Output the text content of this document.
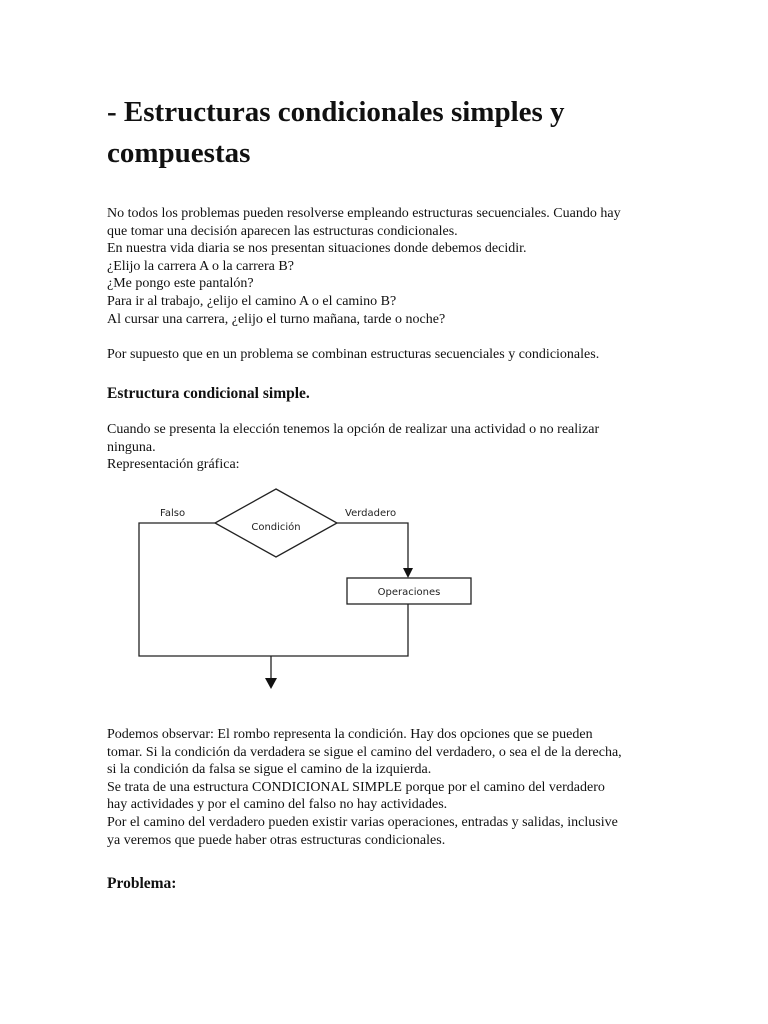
- Estructuras condicionales simples y
compuestas

No todos los problemas pueden resolverse empleando estructuras secuenciales. Cuando hay
que tomar una decisión aparecen las estructuras condicionales.
En nuestra vida diaria se nos presentan situaciones donde debemos decidir.
¿Elijo la carrera A o la carrera B?
¿Me pongo este pantalón?
Para ir al trabajo, ¿elijo el camino A o el camino B?
Al cursar una carrera, ¿elijo el turno mañana, tarde o noche?

Por supuesto que en un problema se combinan estructuras secuenciales y condicionales.

Estructura condicional simple.

Cuando se presenta la elección tenemos la opción de realizar una actividad o no realizar
ninguna.
Representación gráfica:

Podemos observar: El rombo representa la condición. Hay dos opciones que se pueden
tomar. Si la condición da verdadera se sigue el camino del verdadero, o sea el de la derecha,
si la condición da falsa se sigue el camino de la izquierda.
Se trata de una estructura CONDICIONAL SIMPLE porque por el camino del verdadero
hay actividades y por el camino del falso no hay actividades.
Por el camino del verdadero pueden existir varias operaciones, entradas y salidas, inclusive
ya veremos que puede haber otras estructuras condicionales.

Problema:
Falso
Condición
Verdadero
Operaciones
